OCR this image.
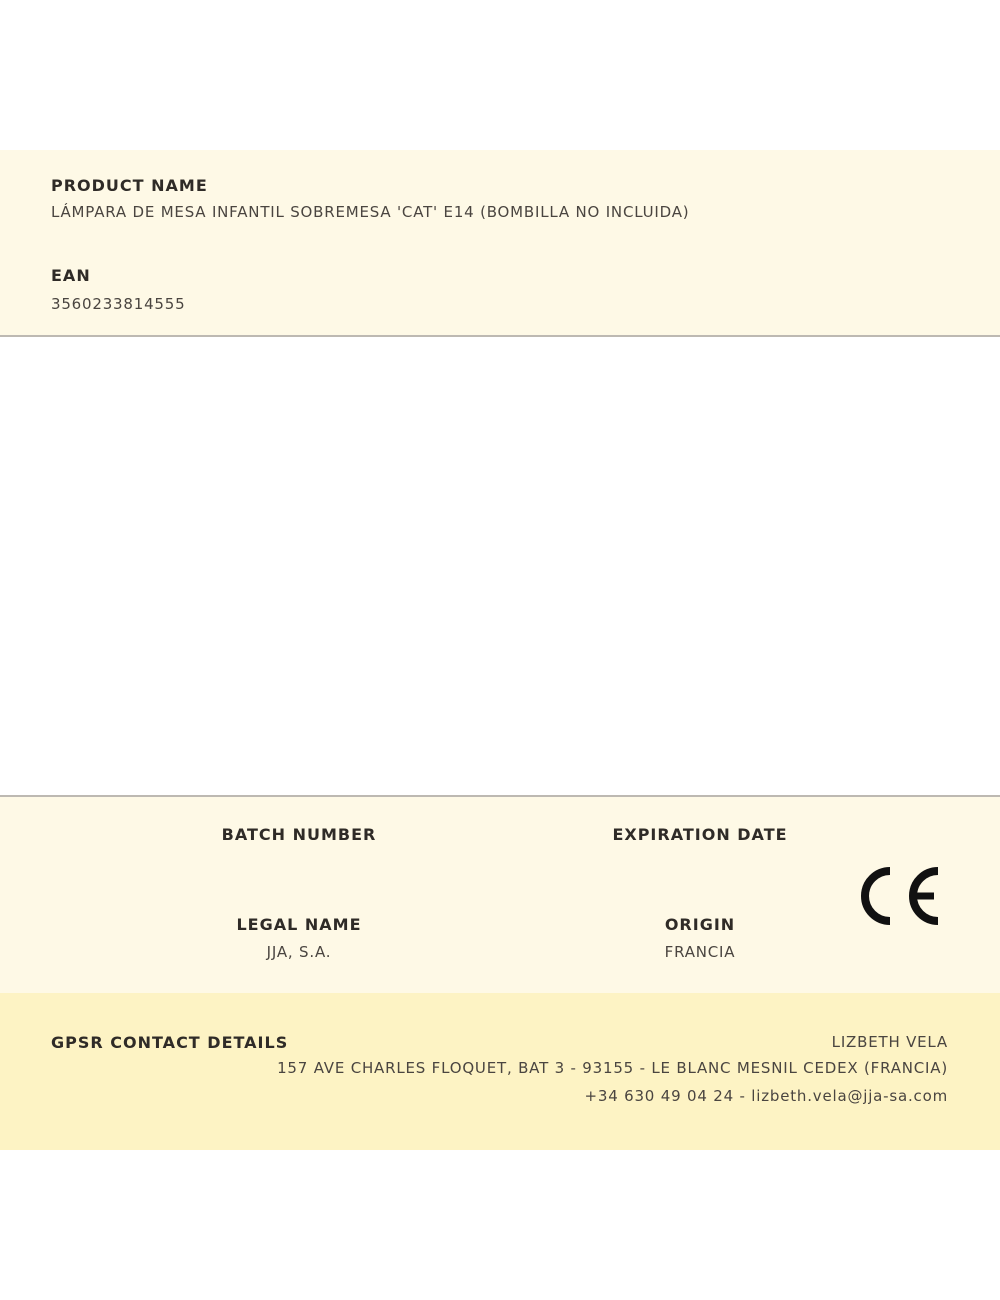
PRODUCT NAME
LÁMPARA DE MESA INFANTIL SOBREMESA 'CAT' E14 (BOMBILLA NO INCLUIDA)
EAN
3560233814555
BATCH NUMBER	EXPIRATION DATE
LEGAL NAME
JJA, S.A.
ORIGIN
FRANCIA
GPSR CONTACT DETAILS	LIZBETH VELA
157 AVE CHARLES FLOQUET, BAT 3 - 93155 - LE BLANC MESNIL CEDEX (FRANCIA)
+34 630 49 04 24 - lizbeth.vela@jja-sa.com
